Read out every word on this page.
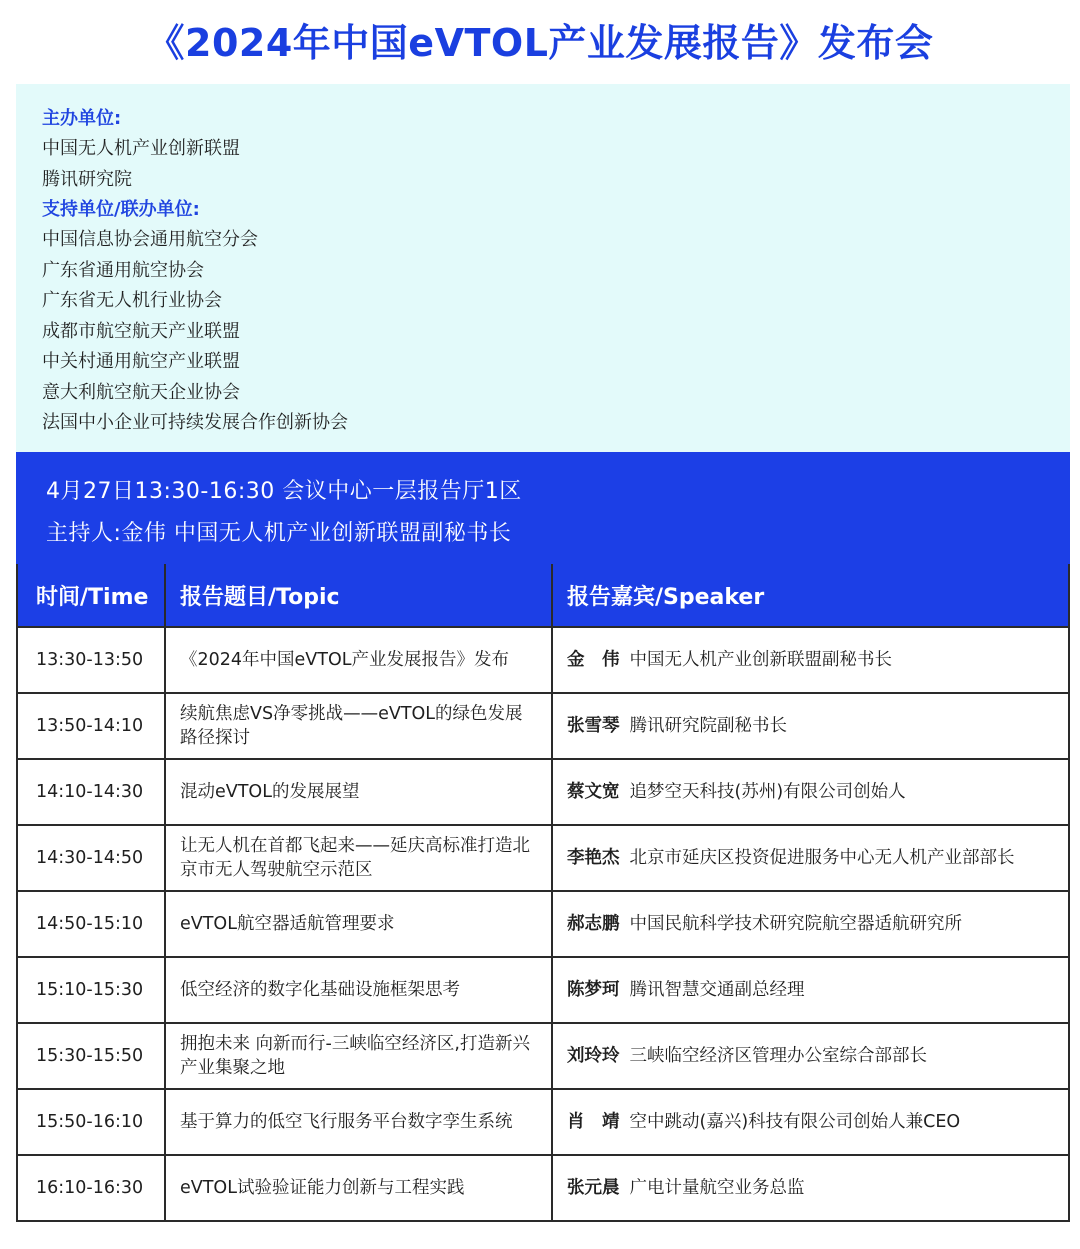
《2024年中国eVTOL产业发展报告》发布会
主办单位:
中国无人机产业创新联盟
腾讯研究院
支持单位/联办单位:
中国信息协会通用航空分会
广东省通用航空协会
广东省无人机行业协会
成都市航空航天产业联盟
中关村通用航空产业联盟
意大利航空航天企业协会
法国中小企业可持续发展合作创新协会
4月27日13:30-16:30 会议中心一层报告厅1区
主持人:金伟 中国无人机产业创新联盟副秘书长
时间/Time	报告题目/Topic	报告嘉宾/Speaker
13:30-13:50	《2024年中国eVTOL产业发展报告》发布	金　伟 中国无人机产业创新联盟副秘书长
13:50-14:10	续航焦虑VS净零挑战——eVTOL的绿色发展路径探讨	张雪琴 腾讯研究院副秘书长
14:10-14:30	混动eVTOL的发展展望	蔡文宽 追梦空天科技(苏州)有限公司创始人
14:30-14:50	让无人机在首都飞起来——延庆高标准打造北京市无人驾驶航空示范区	李艳杰 北京市延庆区投资促进服务中心无人机产业部部长
14:50-15:10	eVTOL航空器适航管理要求	郝志鹏 中国民航科学技术研究院航空器适航研究所
15:10-15:30	低空经济的数字化基础设施框架思考	陈梦珂 腾讯智慧交通副总经理
15:30-15:50	拥抱未来 向新而行-三峡临空经济区,打造新兴产业集聚之地	刘玲玲 三峡临空经济区管理办公室综合部部长
15:50-16:10	基于算力的低空飞行服务平台数字孪生系统	肖　靖 空中跳动(嘉兴)科技有限公司创始人兼CEO
16:10-16:30	eVTOL试验验证能力创新与工程实践	张元晨 广电计量航空业务总监
